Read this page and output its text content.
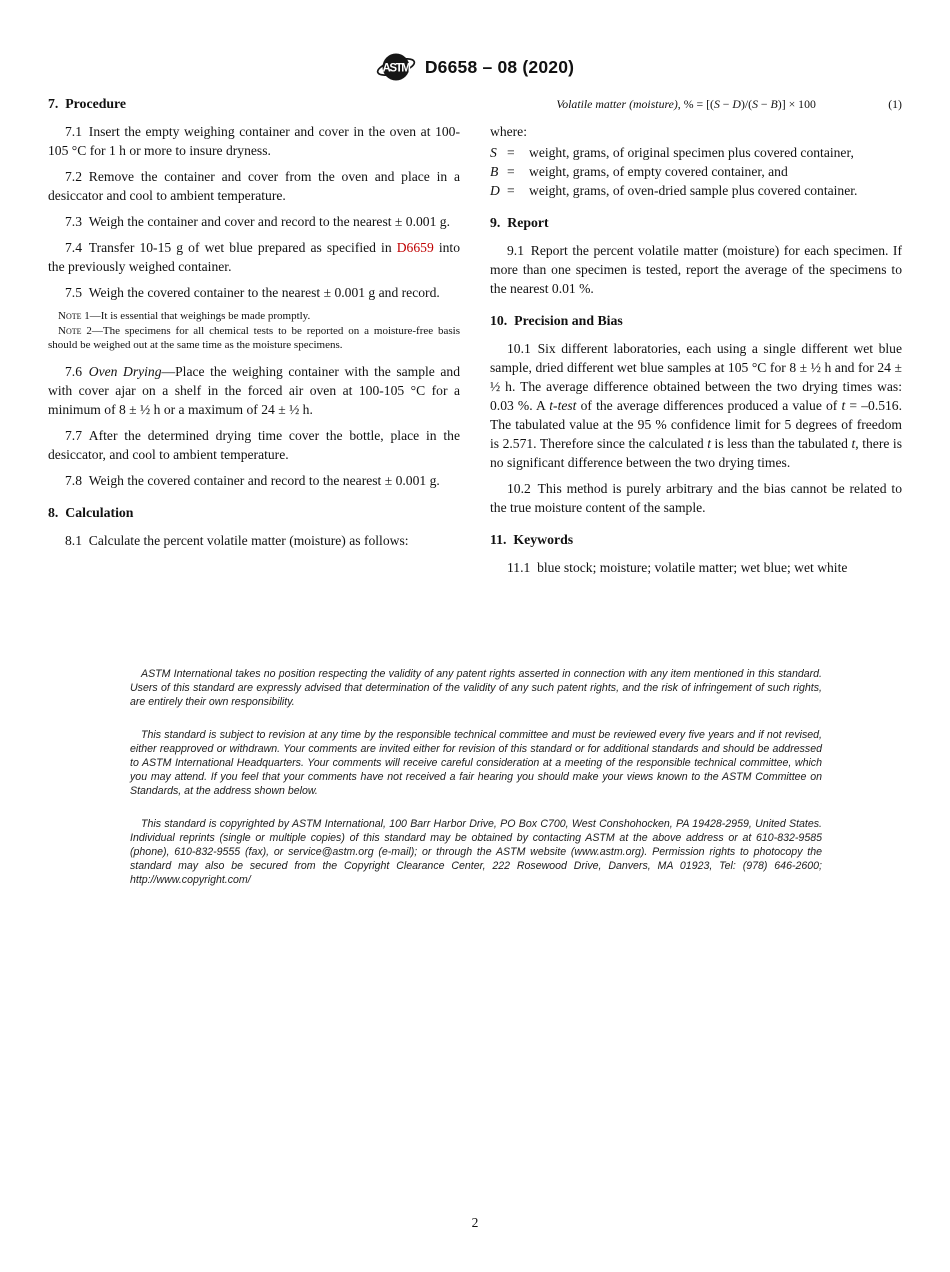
ASTM D6658 – 08 (2020)
7. Procedure

7.1 Insert the empty weighing container and cover in the oven at 100-105 °C for 1 h or more to insure dryness.

7.2 Remove the container and cover from the oven and place in a desiccator and cool to ambient temperature.

7.3 Weigh the container and cover and record to the nearest ± 0.001 g.

7.4 Transfer 10-15 g of wet blue prepared as specified in D6659 into the previously weighed container.

7.5 Weigh the covered container to the nearest ± 0.001 g and record.

Note 1—It is essential that weighings be made promptly.

Note 2—The specimens for all chemical tests to be reported on a moisture-free basis should be weighed out at the same time as the moisture specimens.

7.6 Oven Drying—Place the weighing container with the sample and with cover ajar on a shelf in the forced air oven at 100-105 °C for a minimum of 8 ± ½ h or a maximum of 24 ± ½ h.

7.7 After the determined drying time cover the bottle, place in the desiccator, and cool to ambient temperature.

7.8 Weigh the covered container and record to the nearest ± 0.001 g.

8. Calculation

8.1 Calculate the percent volatile matter (moisture) as follows:

Volatile matter (moisture), % = [(S − D)/(S − B)] × 100	(1)

where:

S =	weight, grams, of original specimen plus covered container,
B =	weight, grams, of empty covered container, and
D =	weight, grams, of oven-dried sample plus covered container.
9. Report

9.1 Report the percent volatile matter (moisture) for each specimen. If more than one specimen is tested, report the average of the specimens to the nearest 0.01 %.

10. Precision and Bias

10.1 Six different laboratories, each using a single different wet blue sample, dried different wet blue samples at 105 °C for 8 ± ½ h and for 24 ± ½ h. The average difference obtained between the two drying times was: 0.03 %. A t-test of the average differences produced a value of t = –0.516. The tabulated value at the 95 % confidence limit for 5 degrees of freedom is 2.571. Therefore since the calculated t is less than the tabulated t, there is no significant difference between the two drying times.

10.2 This method is purely arbitrary and the bias cannot be related to the true moisture content of the sample.

11. Keywords

11.1 blue stock; moisture; volatile matter; wet blue; wet white

ASTM International takes no position respecting the validity of any patent rights asserted in connection with any item mentioned in this standard. Users of this standard are expressly advised that determination of the validity of any such patent rights, and the risk of infringement of such rights, are entirely their own responsibility.

This standard is subject to revision at any time by the responsible technical committee and must be reviewed every five years and if not revised, either reapproved or withdrawn. Your comments are invited either for revision of this standard or for additional standards and should be addressed to ASTM International Headquarters. Your comments will receive careful consideration at a meeting of the responsible technical committee, which you may attend. If you feel that your comments have not received a fair hearing you should make your views known to the ASTM Committee on Standards, at the address shown below.

This standard is copyrighted by ASTM International, 100 Barr Harbor Drive, PO Box C700, West Conshohocken, PA 19428-2959, United States. Individual reprints (single or multiple copies) of this standard may be obtained by contacting ASTM at the above address or at 610-832-9585 (phone), 610-832-9555 (fax), or service@astm.org (e-mail); or through the ASTM website (www.astm.org). Permission rights to photocopy the standard may also be secured from the Copyright Clearance Center, 222 Rosewood Drive, Danvers, MA 01923, Tel: (978) 646-2600; http://www.copyright.com/

2
